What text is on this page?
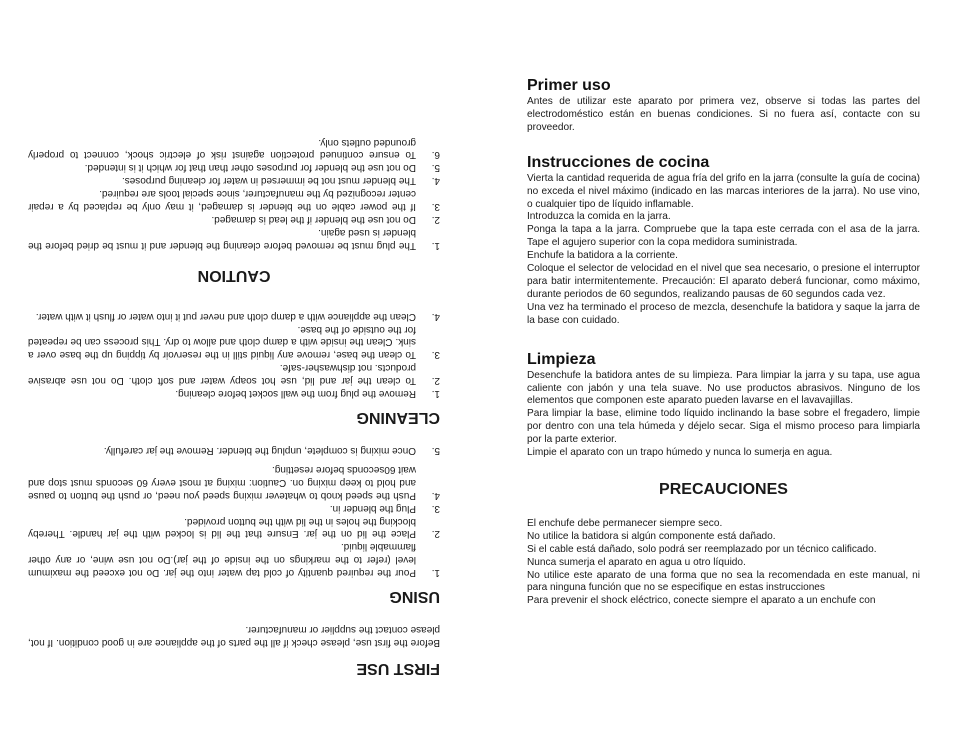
FIRST USE

Before the first use, please check if all the parts of the appliance are in good condition. If not, please contact the supplier or manufacturer.

USING
1.
Pour the required quantity of cold tap water into the jar. Do not exceed the maximum level (refer to the markings on the inside of the jar).Do not use wine, or any other flammable liquid.
2.
Place the lid on the jar. Ensure that the lid is locked with the jar handle. Thereby blocking the holes in the lid with the button provided.
3.
Plug the blender in.
4.
Push the speed knob to whatever mixing speed you need, or push the button to pause and hold to keep mixing on. Caution: mixing at most every 60 seconds must stop and wait 60seconds before resetting.
5.
Once mixing is complete, unplug the blender. Remove the jar carefully.
CLEANING
1.
Remove the plug from the wall socket before cleaning.
2.
To clean the jar and lid, use hot soapy water and soft cloth. Do not use abrasive products. not dishwasher-safe.
3.
To clean the base, remove any liquid still in the reservoir by tipping up the base over a sink. Clean the inside with a damp cloth and allow to dry. This process can be repeated for the outside of the base.
4.
Clean the appliance with a damp cloth and never put it into water or flush it with water.
CAUTION
1.
The plug must be removed before cleaning the blender and it must be dried before the blender is used again.
2.
Do not use the blender if the lead is damaged.
3.
If the power cable on the blender is damaged, it may only be replaced by a repair center recognized by the manufacturer, since special tools are required.
4.
The blender must not be immersed in water for cleaning purposes.
5.
Do not use the blender for purposes other than that for which it is intended.
6.
To ensure continued protection against risk of electric shock, connect to properly grounded outlets only.
Primer uso

Antes de utilizar este aparato por primera vez, observe si todas las partes del electrodoméstico están en buenas condiciones. Si no fuera así, contacte con su proveedor.

Instrucciones de cocina

Vierta la cantidad requerida de agua fría del grifo en la jarra (consulte la guía de cocina) no exceda el nivel máximo (indicado en las marcas interiores de la jarra). No use vino, o cualquier tipo de líquido inflamable.

Introduzca la comida en la jarra.

Ponga la tapa a la jarra. Compruebe que la tapa este cerrada con el asa de la jarra. Tape el agujero superior con la copa medidora suministrada.

Enchufe la batidora a la corriente.

Coloque el selector de velocidad en el nivel que sea necesario, o presione el interruptor para batir intermitentemente. Precaución: El aparato deberá funcionar, como máximo, durante periodos de 60 segundos, realizando pausas de 60 segundos cada vez.

Una vez ha terminado el proceso de mezcla, desenchufe la batidora y saque la jarra de la base con cuidado.

Limpieza

Desenchufe la batidora antes de su limpieza. Para limpiar la jarra y su tapa, use agua caliente con jabón y una tela suave. No use productos abrasivos. Ninguno de los elementos que componen este aparato pueden lavarse en el lavavajillas.

Para limpiar la base, elimine todo líquido inclinando la base sobre el fregadero, limpie por dentro con una tela húmeda y déjelo secar. Siga el mismo proceso para limpiarla por la parte exterior.

Limpie el aparato con un trapo húmedo y nunca lo sumerja en agua.

PRECAUCIONES

El enchufe debe permanecer siempre seco.

No utilice la batidora si algún componente está dañado.

Si el cable está dañado, solo podrá ser reemplazado por un técnico calificado.

Nunca sumerja el aparato en agua u otro líquido.

No utilice este aparato de una forma que no sea la recomendada en este manual, ni para ninguna función que no se especifique en estas instrucciones

Para prevenir el shock eléctrico, conecte siempre el aparato a un enchufe con
